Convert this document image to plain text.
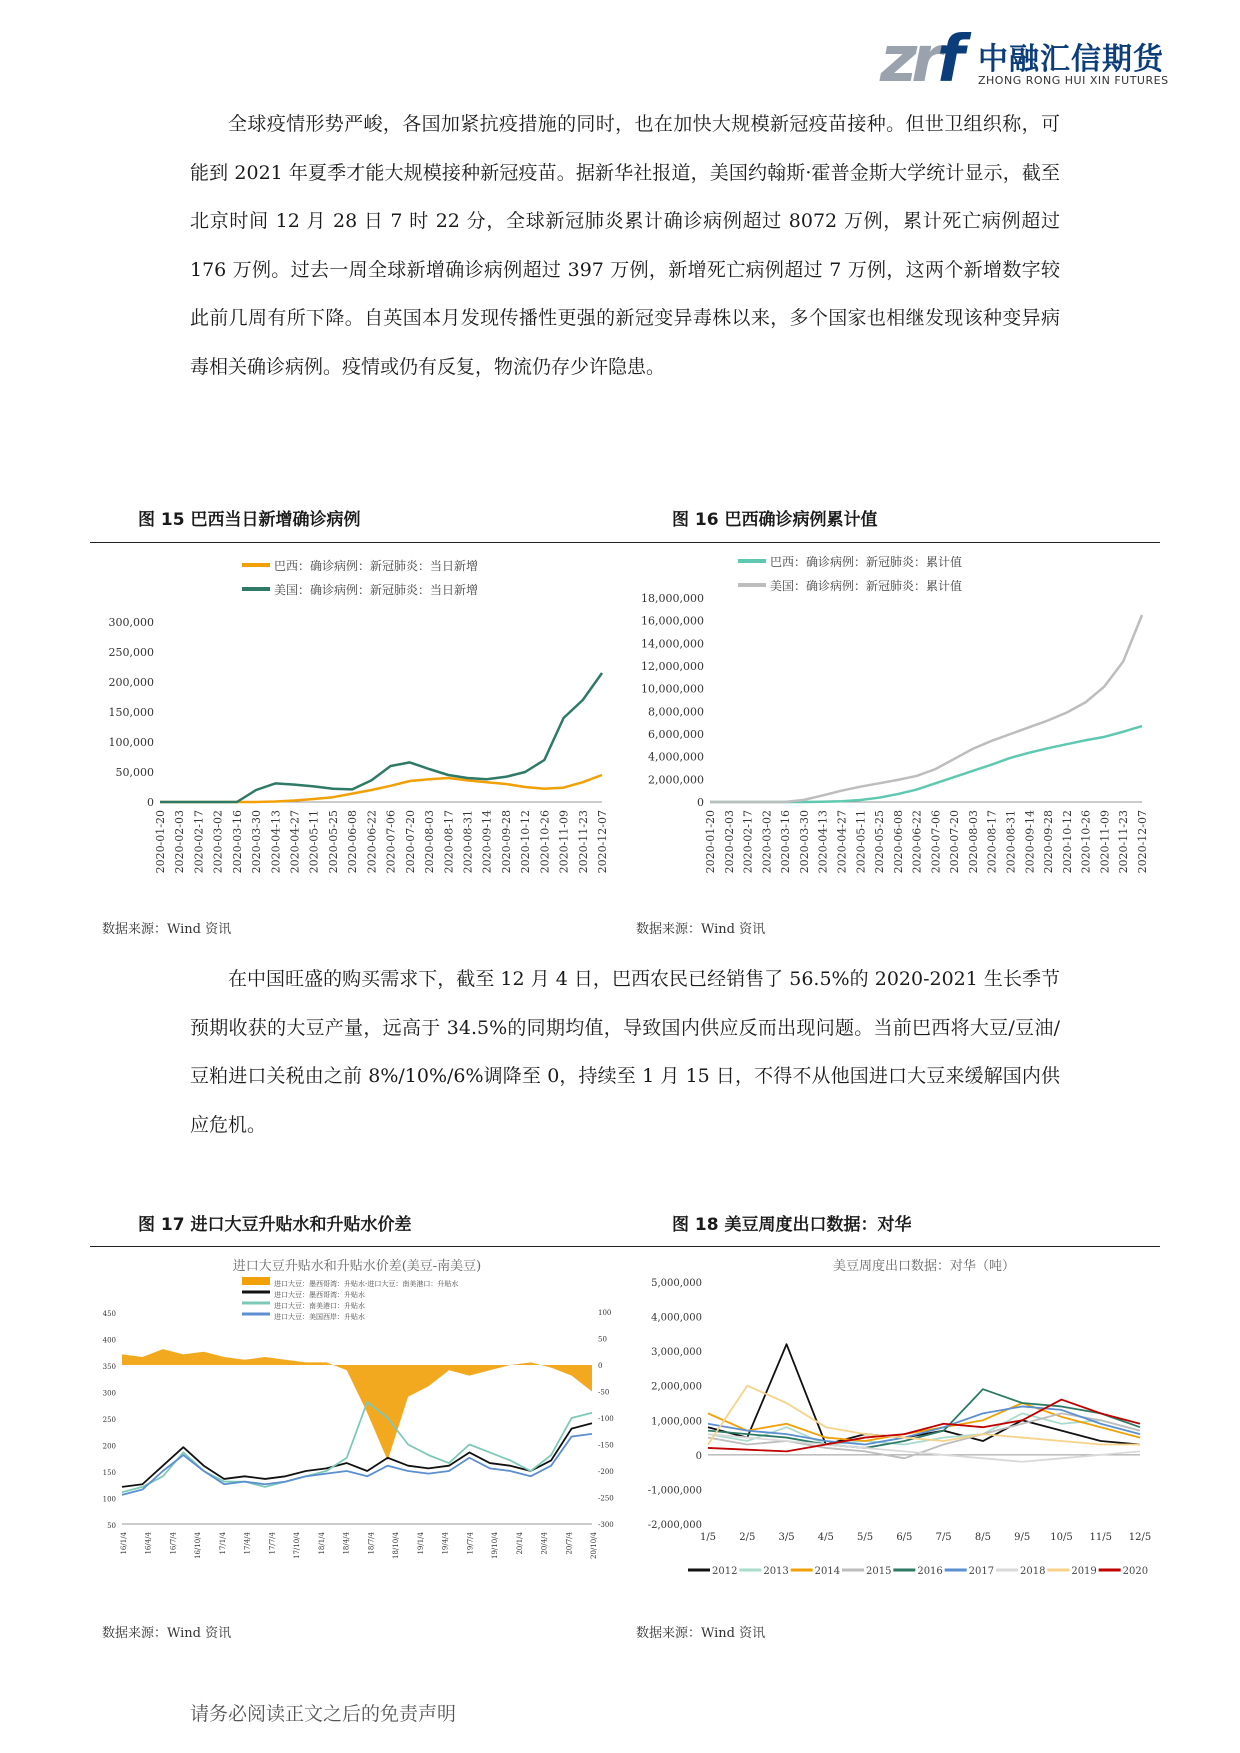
zrf 中融汇信期货
ZHONG RONG HUI XIN FUTURES
全球疫情形势严峻，各国加紧抗疫措施的同时，也在加快大规模新冠疫苗接种。但世卫组织称，可能到 2021 年夏季才能大规模接种新冠疫苗。据新华社报道，美国约翰斯·霍普金斯大学统计显示，截至北京时间 12 月 28 日 7 时 22 分，全球新冠肺炎累计确诊病例超过 8072 万例，累计死亡病例超过 176 万例。过去一周全球新增确诊病例超过 397 万例，新增死亡病例超过 7 万例，这两个新增数字较此前几周有所下降。自英国本月发现传播性更强的新冠变异毒株以来，多个国家也相继发现该种变异病毒相关确诊病例。疫情或仍有反复，物流仍存少许隐患。
图 15 巴西当日新增确诊病例	图 16 巴西确诊病例累计值
300,000
250,000
200,000
150,000
100,000
50,000
0
2020-01-20 2020-02-03 2020-02-17 2020-03-02 2020-03-16 2020-03-30 2020-04-13 2020-04-27 2020-05-11 2020-05-25 2020-06-08 2020-06-22 2020-07-06 2020-07-20 2020-08-03 2020-08-17 2020-08-31 2020-09-14 2020-09-28 2020-10-12 2020-10-26 2020-11-09 2020-11-23 2020-12-07
巴西：确诊病例：新冠肺炎：当日新增
美国：确诊病例：新冠肺炎：当日新增
18,000,000
16,000,000
14,000,000
12,000,000
10,000,000
8,000,000
6,000,000
4,000,000
2,000,000
0
2020-01-20 2020-02-03 2020-02-17 2020-03-02 2020-03-16 2020-03-30 2020-04-13 2020-04-27 2020-05-11 2020-05-25 2020-06-08 2020-06-22 2020-07-06 2020-07-20 2020-08-03 2020-08-17 2020-08-31 2020-09-14 2020-09-28 2020-10-12 2020-10-26 2020-11-09 2020-11-23 2020-12-07
巴西：确诊病例：新冠肺炎：累计值
美国：确诊病例：新冠肺炎：累计值
数据来源：Wind 资讯	数据来源：Wind 资讯
在中国旺盛的购买需求下，截至 12 月 4 日，巴西农民已经销售了 56.5%的 2020-2021 生长季节预期收获的大豆产量，远高于 34.5%的同期均值，导致国内供应反而出现问题。当前巴西将大豆/豆油/豆粕进口关税由之前 8%/10%/6%调降至 0，持续至 1 月 15 日，不得不从他国进口大豆来缓解国内供应危机。
图 17 进口大豆升贴水和升贴水价差	图 18 美豆周度出口数据：对华
进口大豆升贴水和升贴水价差(美豆-南美豆)
450
400
350
300
250
200
150
100
50
100
50
0
-50
-100
-150
-200
-250
-300
16/1/4 16/4/4 16/7/4 16/10/4 17/1/4 17/4/4 17/7/4 17/10/4 18/1/4 18/4/4 18/7/4 18/10/4 19/1/4 19/4/4 19/7/4 19/10/4 20/1/4 20/4/4 20/7/4 20/10/4
进口大豆：墨西哥湾：升贴水-进口大豆：南美港口：升贴水
进口大豆：墨西哥湾：升贴水
进口大豆：南美港口：升贴水
进口大豆：美国西岸：升贴水
美豆周度出口数据：对华（吨）
5,000,000
4,000,000
3,000,000
2,000,000
1,000,000
0
-1,000,000
-2,000,000
1/5 2/5 3/5 4/5 5/5 6/5 7/5 8/5 9/5 10/5 11/5 12/5
2012	2013	2014	2015	2016	2017	2018	2019	2020
数据来源：Wind 资讯	数据来源：Wind 资讯
请务必阅读正文之后的免责声明
